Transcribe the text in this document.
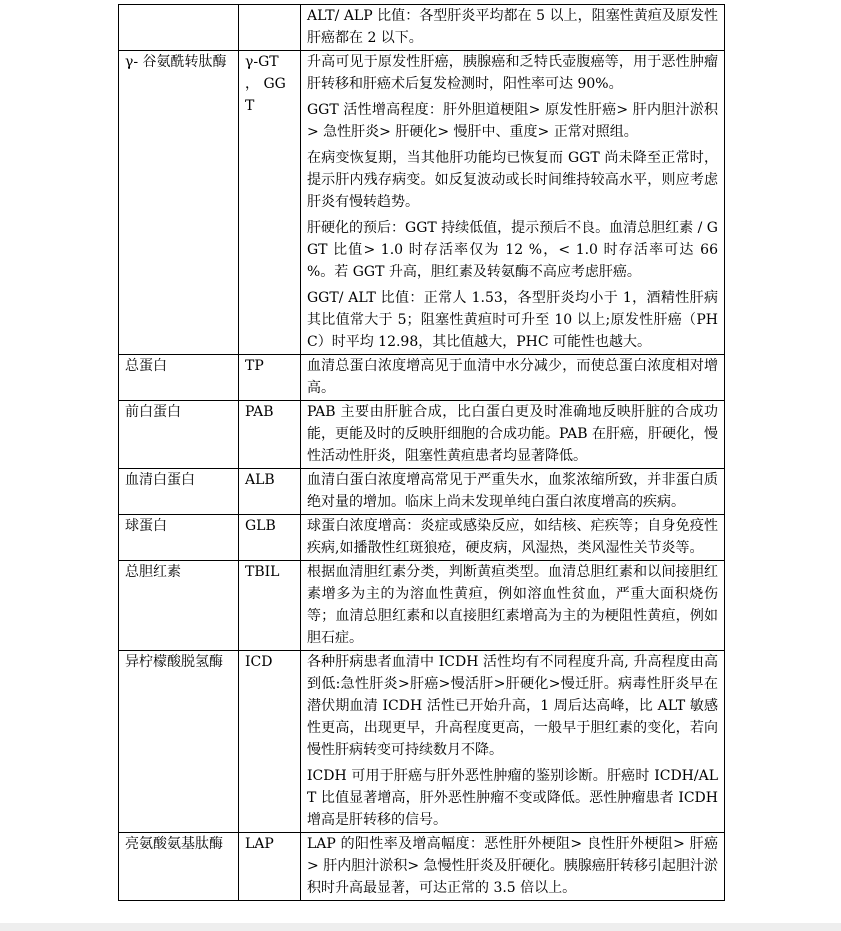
		ALT/ ALP 比值：各型肝炎平均都在 5 以上，阻塞性黄疸及原发性肝癌都在 2 以下。

γ- 谷氨酰转肽酶	γ-GT ， GGT	升高可见于原发性肝癌，胰腺癌和乏特氏壶腹癌等，用于恶性肿瘤肝转移和肝癌术后复发检测时，阳性率可达 90%。

GGT 活性增高程度：肝外胆道梗阻> 原发性肝癌> 肝内胆汁淤积> 急性肝炎> 肝硬化> 慢肝中、重度> 正常对照组。

在病变恢复期，当其他肝功能均已恢复而 GGT 尚未降至正常时，提示肝内残存病变。如反复波动或长时间维持较高水平，则应考虑肝炎有慢转趋势。

肝硬化的预后：GGT 持续低值，提示预后不良。血清总胆红素 / GGT 比值> 1.0 时存活率仅为 12 %，< 1.0 时存活率可达 66 %。若 GGT 升高，胆红素及转氨酶不高应考虑肝癌。

GGT/ ALT 比值：正常人 1.53，各型肝炎均小于 1，酒精性肝病其比值常大于 5；阻塞性黄疸时可升至 10 以上;原发性肝癌（PHC）时平均 12.98，其比值越大，PHC 可能性也越大。

总蛋白	TP	血清总蛋白浓度增高见于血清中水分减少，而使总蛋白浓度相对增高。

前白蛋白	PAB	PAB 主要由肝脏合成，比白蛋白更及时准确地反映肝脏的合成功能，更能及时的反映肝细胞的合成功能。PAB 在肝癌，肝硬化，慢性活动性肝炎，阻塞性黄疸患者均显著降低。

血清白蛋白	ALB	血清白蛋白浓度增高常见于严重失水，血浆浓缩所致，并非蛋白质绝对量的增加。临床上尚未发现单纯白蛋白浓度增高的疾病。

球蛋白	GLB	球蛋白浓度增高：炎症或感染反应，如结核、疟疾等；自身免疫性疾病,如播散性红斑狼疮，硬皮病，风湿热，类风湿性关节炎等。

总胆红素	TBIL	根据血清胆红素分类，判断黄疸类型。血清总胆红素和以间接胆红素增多为主的为溶血性黄疸，例如溶血性贫血，严重大面积烧伤等；血清总胆红素和以直接胆红素增高为主的为梗阻性黄疸，例如胆石症。

异柠檬酸脱氢酶	ICD	各种肝病患者血清中 ICDH 活性均有不同程度升高, 升高程度由高到低:急性肝炎>肝癌>慢活肝>肝硬化>慢迁肝。病毒性肝炎早在潜伏期血清 ICDH 活性已开始升高，1 周后达高峰，比 ALT 敏感性更高，出现更早，升高程度更高，一般早于胆红素的变化，若向慢性肝病转变可持续数月不降。

ICDH 可用于肝癌与肝外恶性肿瘤的鉴别诊断。肝癌时 ICDH/ALT 比值显著增高，肝外恶性肿瘤不变或降低。恶性肿瘤患者 ICDH 增高是肝转移的信号。

亮氨酸氨基肽酶	LAP	LAP 的阳性率及增高幅度：恶性肝外梗阻> 良性肝外梗阻> 肝癌> 肝内胆汁淤积> 急慢性肝炎及肝硬化。胰腺癌肝转移引起胆汁淤积时升高最显著，可达正常的 3.5 倍以上。
